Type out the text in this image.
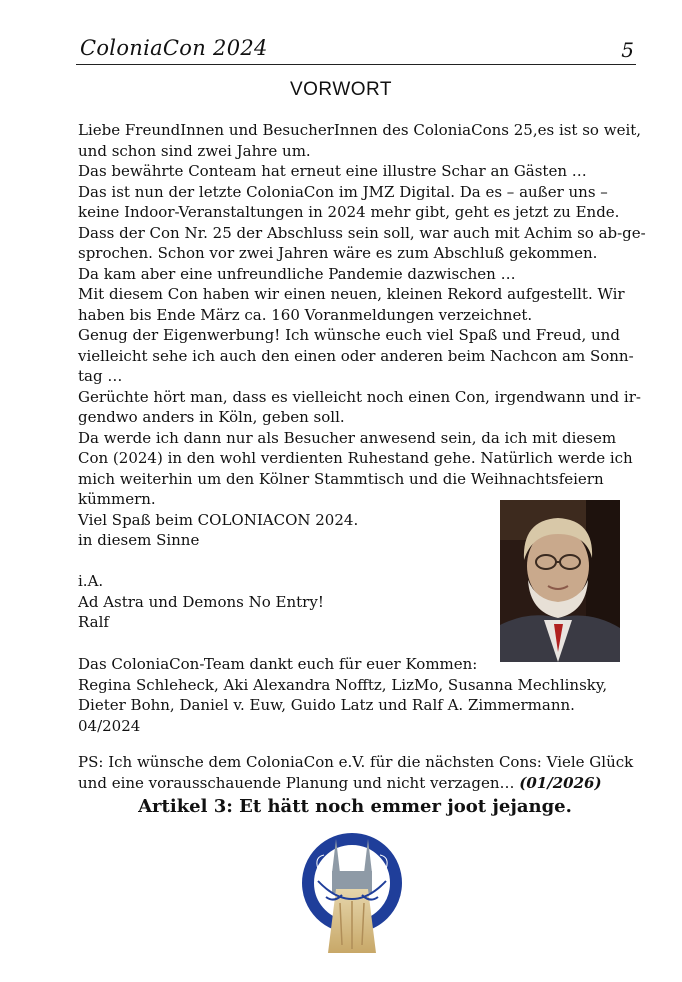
ColoniaCon 2024	5
VORWORT
Liebe FreundInnen und BesucherInnen des ColoniaCons 25,es ist so weit,
und schon sind zwei Jahre um.
Das bewährte Conteam hat erneut eine illustre Schar an Gästen …
Das ist nun der letzte ColoniaCon im JMZ Digital. Da es – außer uns –
keine Indoor-Veranstaltungen in 2024 mehr gibt, geht es jetzt zu Ende.
Dass der Con Nr. 25 der Abschluss sein soll, war auch mit Achim so ab-ge-
sprochen. Schon vor zwei Jahren wäre es zum Abschluß gekommen.
Da kam aber eine unfreundliche Pandemie dazwischen …
Mit diesem Con haben wir einen neuen, kleinen Rekord aufgestellt. Wir
haben bis Ende März ca. 160 Voranmeldungen verzeichnet.
Genug der Eigenwerbung! Ich wünsche euch viel Spaß und Freud, und
vielleicht sehe ich auch den einen oder anderen beim Nachcon am Sonn-
tag …
Gerüchte hört man, dass es vielleicht noch einen Con, irgendwann und ir-
gendwo anders in Köln, geben soll.
Da werde ich dann nur als Besucher anwesend sein, da ich mit diesem
Con (2024) in den wohl verdienten Ruhestand gehe. Natürlich werde ich
mich weiterhin um den Kölner Stammtisch und die Weihnachtsfeiern
kümmern.
Viel Spaß beim COLONIACON 2024.
in diesem Sinne
i.A.
Ad Astra und Demons No Entry!
Ralf
Das ColoniaCon-Team dankt euch für euer Kommen:
Regina Schleheck, Aki Alexandra Nofftz, LizMo, Susanna Mechlinsky,
Dieter Bohn, Daniel v. Euw, Guido Latz und Ralf A. Zimmermann.
04/2024
PS: Ich wünsche dem ColoniaCon e.V. für die nächsten Cons: Viele Glück
und eine vorausschauende Planung und nicht verzagen… (01/2026)
Artikel 3: Et hätt noch emmer joot jejange.
